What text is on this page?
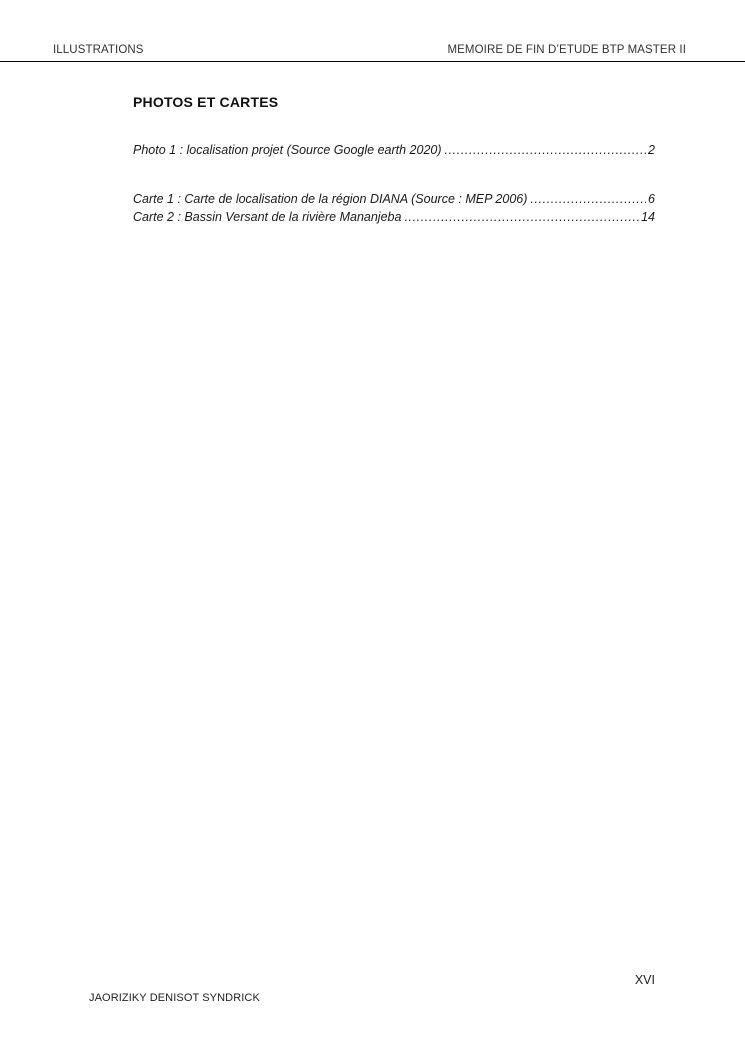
ILLUSTRATIONS	MEMOIRE DE FIN D’ETUDE BTP MASTER II
PHOTOS ET CARTES
Photo 1 : localisation projet (Source Google earth 2020) .....	2
Carte 1 : Carte de localisation de la région DIANA (Source : MEP 2006) .....	6
Carte 2 : Bassin Versant de la rivière Mananjeba .....	14
XVI
JAORIZIKY DENISOT SYNDRICK
